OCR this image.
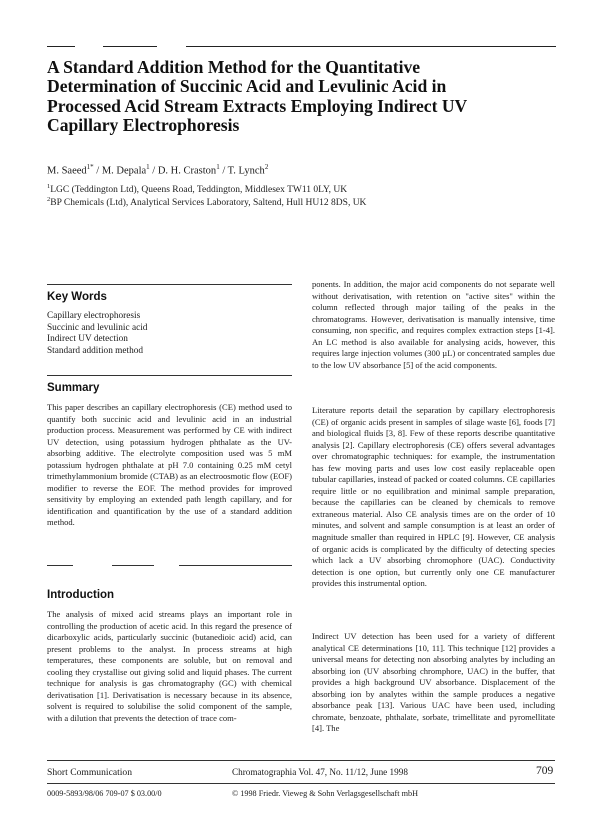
A Standard Addition Method for the Quantitative Determination of Succinic Acid and Levulinic Acid in Processed Acid Stream Extracts Employing Indirect UV Capillary Electrophoresis
M. Saeed$^{1*}$ / M. Depala$^1$ / D. H. Craston$^1$ / T. Lynch$^2$
$^1$LGC (Teddington Ltd), Queens Road, Teddington, Middlesex TW11 0LY, UK
$^2$BP Chemicals (Ltd), Analytical Services Laboratory, Saltend, Hull HU12 8DS, UK
Key Words
Capillary electrophoresis
Succinic and levulinic acid
Indirect UV detection
Standard addition method
Summary

This paper describes an capillary electrophoresis (CE) method used to quantify both succinic acid and levulinic acid in an industrial production process. Measurement was performed by CE with indirect UV detection, using potassium hydrogen phthalate as the UV-absorbing additive. The electrolyte composition used was 5 mM potassium hydrogen phthalate at pH 7.0 containing 0.25 mM cetyl trimethylammonium bromide (CTAB) as an electroosmotic flow (EOF) modifier to reverse the EOF. The method provides for improved sensitivity by employing an extended path length capillary, and for identification and quantification by the use of a standard addition method.

Introduction

The analysis of mixed acid streams plays an important role in controlling the production of acetic acid. In this regard the presence of dicarboxylic acids, particularly succinic (butanedioic acid) acid, can present problems to the analyst. In process streams at high temperatures, these components are soluble, but on removal and cooling they crystallise out giving solid and liquid phases. The current technique for analysis is gas chromatography (GC) with chemical derivatisation [1]. Derivatisation is necessary because in its absence, solvent is required to solubilise the solid component of the sample, with a dilution that prevents the detection of trace com-

ponents. In addition, the major acid components do not separate well without derivatisation, with retention on "active sites" within the column reflected through major tailing of the peaks in the chromatograms. However, derivatisation is manually intensive, time consuming, non specific, and requires complex extraction steps [1-4]. An LC method is also available for analysing acids, however, this requires large injection volumes (300 µL) or concentrated samples due to the low UV absorbance [5] of the acid components.

Literature reports detail the separation by capillary electrophoresis (CE) of organic acids present in samples of silage waste [6], foods [7] and biological fluids [3, 8]. Few of these reports describe quantitative analysis [2]. Capillary electrophoresis (CE) offers several advantages over chromatographic techniques: for example, the instrumentation has few moving parts and uses low cost easily replaceable open tubular capillaries, instead of packed or coated columns. CE capillaries require little or no equilibration and minimal sample preparation, because the capillaries can be cleaned by chemicals to remove extraneous material. Also CE analysis times are on the order of 10 minutes, and solvent and sample consumption is at least an order of magnitude smaller than required in HPLC [9]. However, CE analysis of organic acids is complicated by the difficulty of detecting species which lack a UV absorbing chromophore (UAC). Conductivity detection is one option, but currently only one CE manufacturer provides this instrumental option.

Indirect UV detection has been used for a variety of different analytical CE determinations [10, 11]. This technique [12] provides a universal means for detecting non absorbing analytes by including an absorbing ion (UV absorbing chromphore, UAC) in the buffer, that provides a high background UV absorbance. Displacement of the absorbing ion by analytes within the sample produces a negative absorbance peak [13]. Various UAC have been used, including chromate, benzoate, phthalate, sorbate, trimellitate and pyromellitate [4]. The

Short Communication	Chromatographia Vol. 47, No. 11/12, June 1998	709
0009-5893/98/06 709-07 $ 03.00/0	© 1998 Friedr. Vieweg & Sohn Verlagsgesellschaft mbH
